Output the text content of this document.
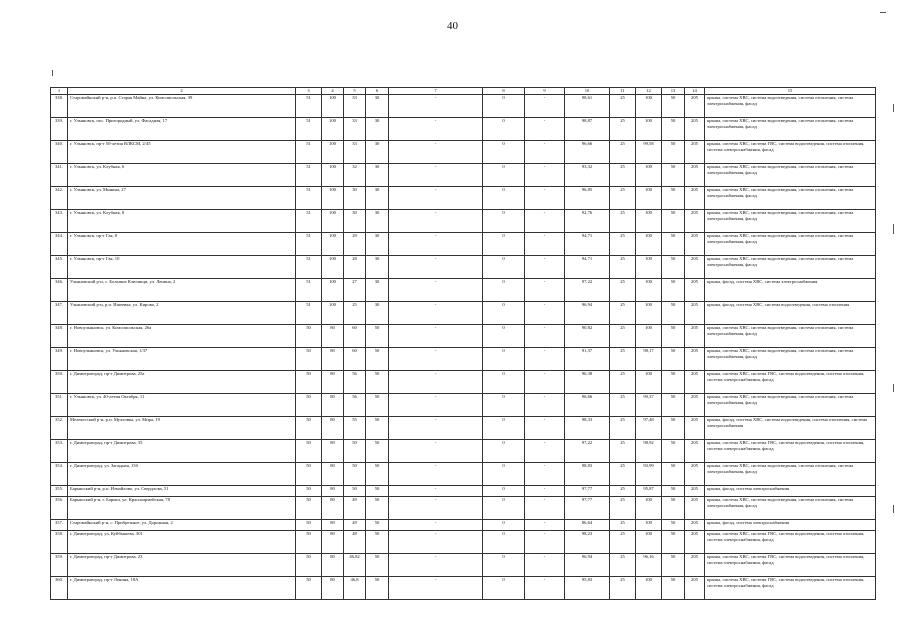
40
1	2	3	4	5	6	7	8	9	10	11	12	13	14	15
338.	Старомайнский р-н, р.п. Старая Майна, ул. Комсомольская, 39	51	100	33	30	-	0	-	98,61	25	100	50	205	крыша, система ХВС, система водоотведения, система отопления, система электроснабжения, фасад
339.	г. Ульяновск, пос. Пригородный, ул. Фасадная, 17	51	100	33	30	-	0	-	98,87	25	100	50	205	крыша, система ХВС, система водоотведения, система отопления, система электроснабжения, фасад
340.	г. Ульяновск, пр-т 50-летия ВЛКСМ, 2/45	51	100	33	30	-	0	-	96,66	25	99,58	50	205	крыша, система ХВС, система ГВС, система водоотведения, система отопления, система электроснабжения, фасад
341.	г. Ульяновск, ул. Клубная, 6	51	100	32	30	-	0	-	93,32	25	100	50	205	крыша, система ХВС, система водоотведения, система отопления, система электроснабжения, фасад
342.	г. Ульяновск, ул. Минина, 27	51	100	30	30	-	0	-	96,85	25	100	50	205	крыша, система ХВС, система водоотведения, система отопления, система электроснабжения, фасад
343.	г. Ульяновск, ул. Клубная, 8	51	100	30	30	-	0	-	92,76	25	100	50	205	крыша, система ХВС, система водоотведения, система отопления, система электроснабжения, фасад
344.	г. Ульяновск, пр-т Гая, 8	51	100	29	30	-	0	-	94,71	25	100	50	205	крыша, система ХВС, система водоотведения, система отопления, система электроснабжения, фасад
345.	г. Ульяновск, пр-т Гая, 10	51	100	28	30	-	0	-	94,71	25	100	50	205	крыша, система ХВС, система водоотведения, система отопления, система электроснабжения, фасад
346.	Ульяновский р-н, с. Большие Ключищи, ул. Ленина, 2	51	100	27	30	-	0	-	97,22	25	100	50	205	крыша, фасад, система ХВС, система электроснабжения
347.	Ульяновский р-н, р.п. Ишеевка, ул. Кирова, 2	51	100	25	30	-	0	-	96,94	25	100	50	205	крыша, фасад, система ХВС, система водоотведения, система отопления
348.	г. Новоульяновск, ул. Комсомольская, 26а	50	80	60	50	-	0	-	90,82	25	100	50	205	крыша, система ХВС, система водоотведения, система отопления, система электроснабжения, фасад
349.	г. Новоульяновск, ул. Ульяновская, 1/37	50	80	60	50	-	0	-	91,37	25	98,17	50	205	крыша, система ХВС, система водоотведения, система отопления, система электроснабжения, фасад
350.	г. Димитровград, пр-т Димитрова, 25а	50	80	56	50	-	0	-	96,38	25	100	50	205	крыша, система ХВС, система ГВС, система водоотведения, система отопления, система электроснабжения, фасад
351.	г. Ульяновск, ул. 40-летия Октября, 11	50	80	56	50	-	0	-	96,66	25	99,37	50	205	крыша, система ХВС, система водоотведения, система отопления, система электроснабжения, фасад
352.	Мелекесский р-н, р.п. Мулловка, ул. Мира, 19	50	80	55	50	-	0	-	98,33	25	97,48	50	205	крыша, фасад, система ХВС, система водоотведения, система отопления, система электроснабжения
353.	г. Димитровград, пр-т Димитрова, 35	50	80	50	50	-	0	-	97,22	25	98,92	50	205	крыша, система ХВС, система ГВС, система водоотведения, система отопления, система электроснабжения, фасад
354.	г. Димитровград, ул. Западная, 13б	50	80	50	50	-	0	-	98,83	25	93,99	50	205	крыша, система ХВС, система водоотведения, система отопления, система электроснабжения, фасад
355.	Барышский р-н, р.п. Измайлово, ул. Свердлова, 51	50	80	50	50	-	0	-	97,77	25	95,87	50	205	крыша, фасад, система электроснабжения
356.	Барышский р-н, г. Барыш, ул. Красноармейская, 78	50	80	49	50	-	0	-	97,77	25	100	50	205	крыша, система ХВС, система водоотведения, система отопления, система электроснабжения, фасад
357.	Старомайнский р-н, с. Прибрежное, ул. Дорожная, 2	50	80	49	50	-	0	-	86,64	25	100	50	205	крыша, фасад, система электроснабжения
358.	г. Димитровград, ул. Куйбышева, 301	50	80	48	50	-	0	-	98,23	25	100	50	205	крыша, система ХВС, система ГВС, система водоотведения, система отопления, система электроснабжения, фасад
359.	г. Димитровград, пр-т Димитрова, 23	50	80	46,82	50	-	0	-	96,94	25	96,16	50	205	крыша, система ХВС, система ГВС, система водоотведения, система отопления, система электроснабжения, фасад
360.	г. Димитровград, пр-т Ленина, 18А	50	80	46,8	50	-	0	-	95,83	25	100	50	205	крыша, система ХВС, система ГВС, система водоотведения, система отопления, система электроснабжения, фасад
